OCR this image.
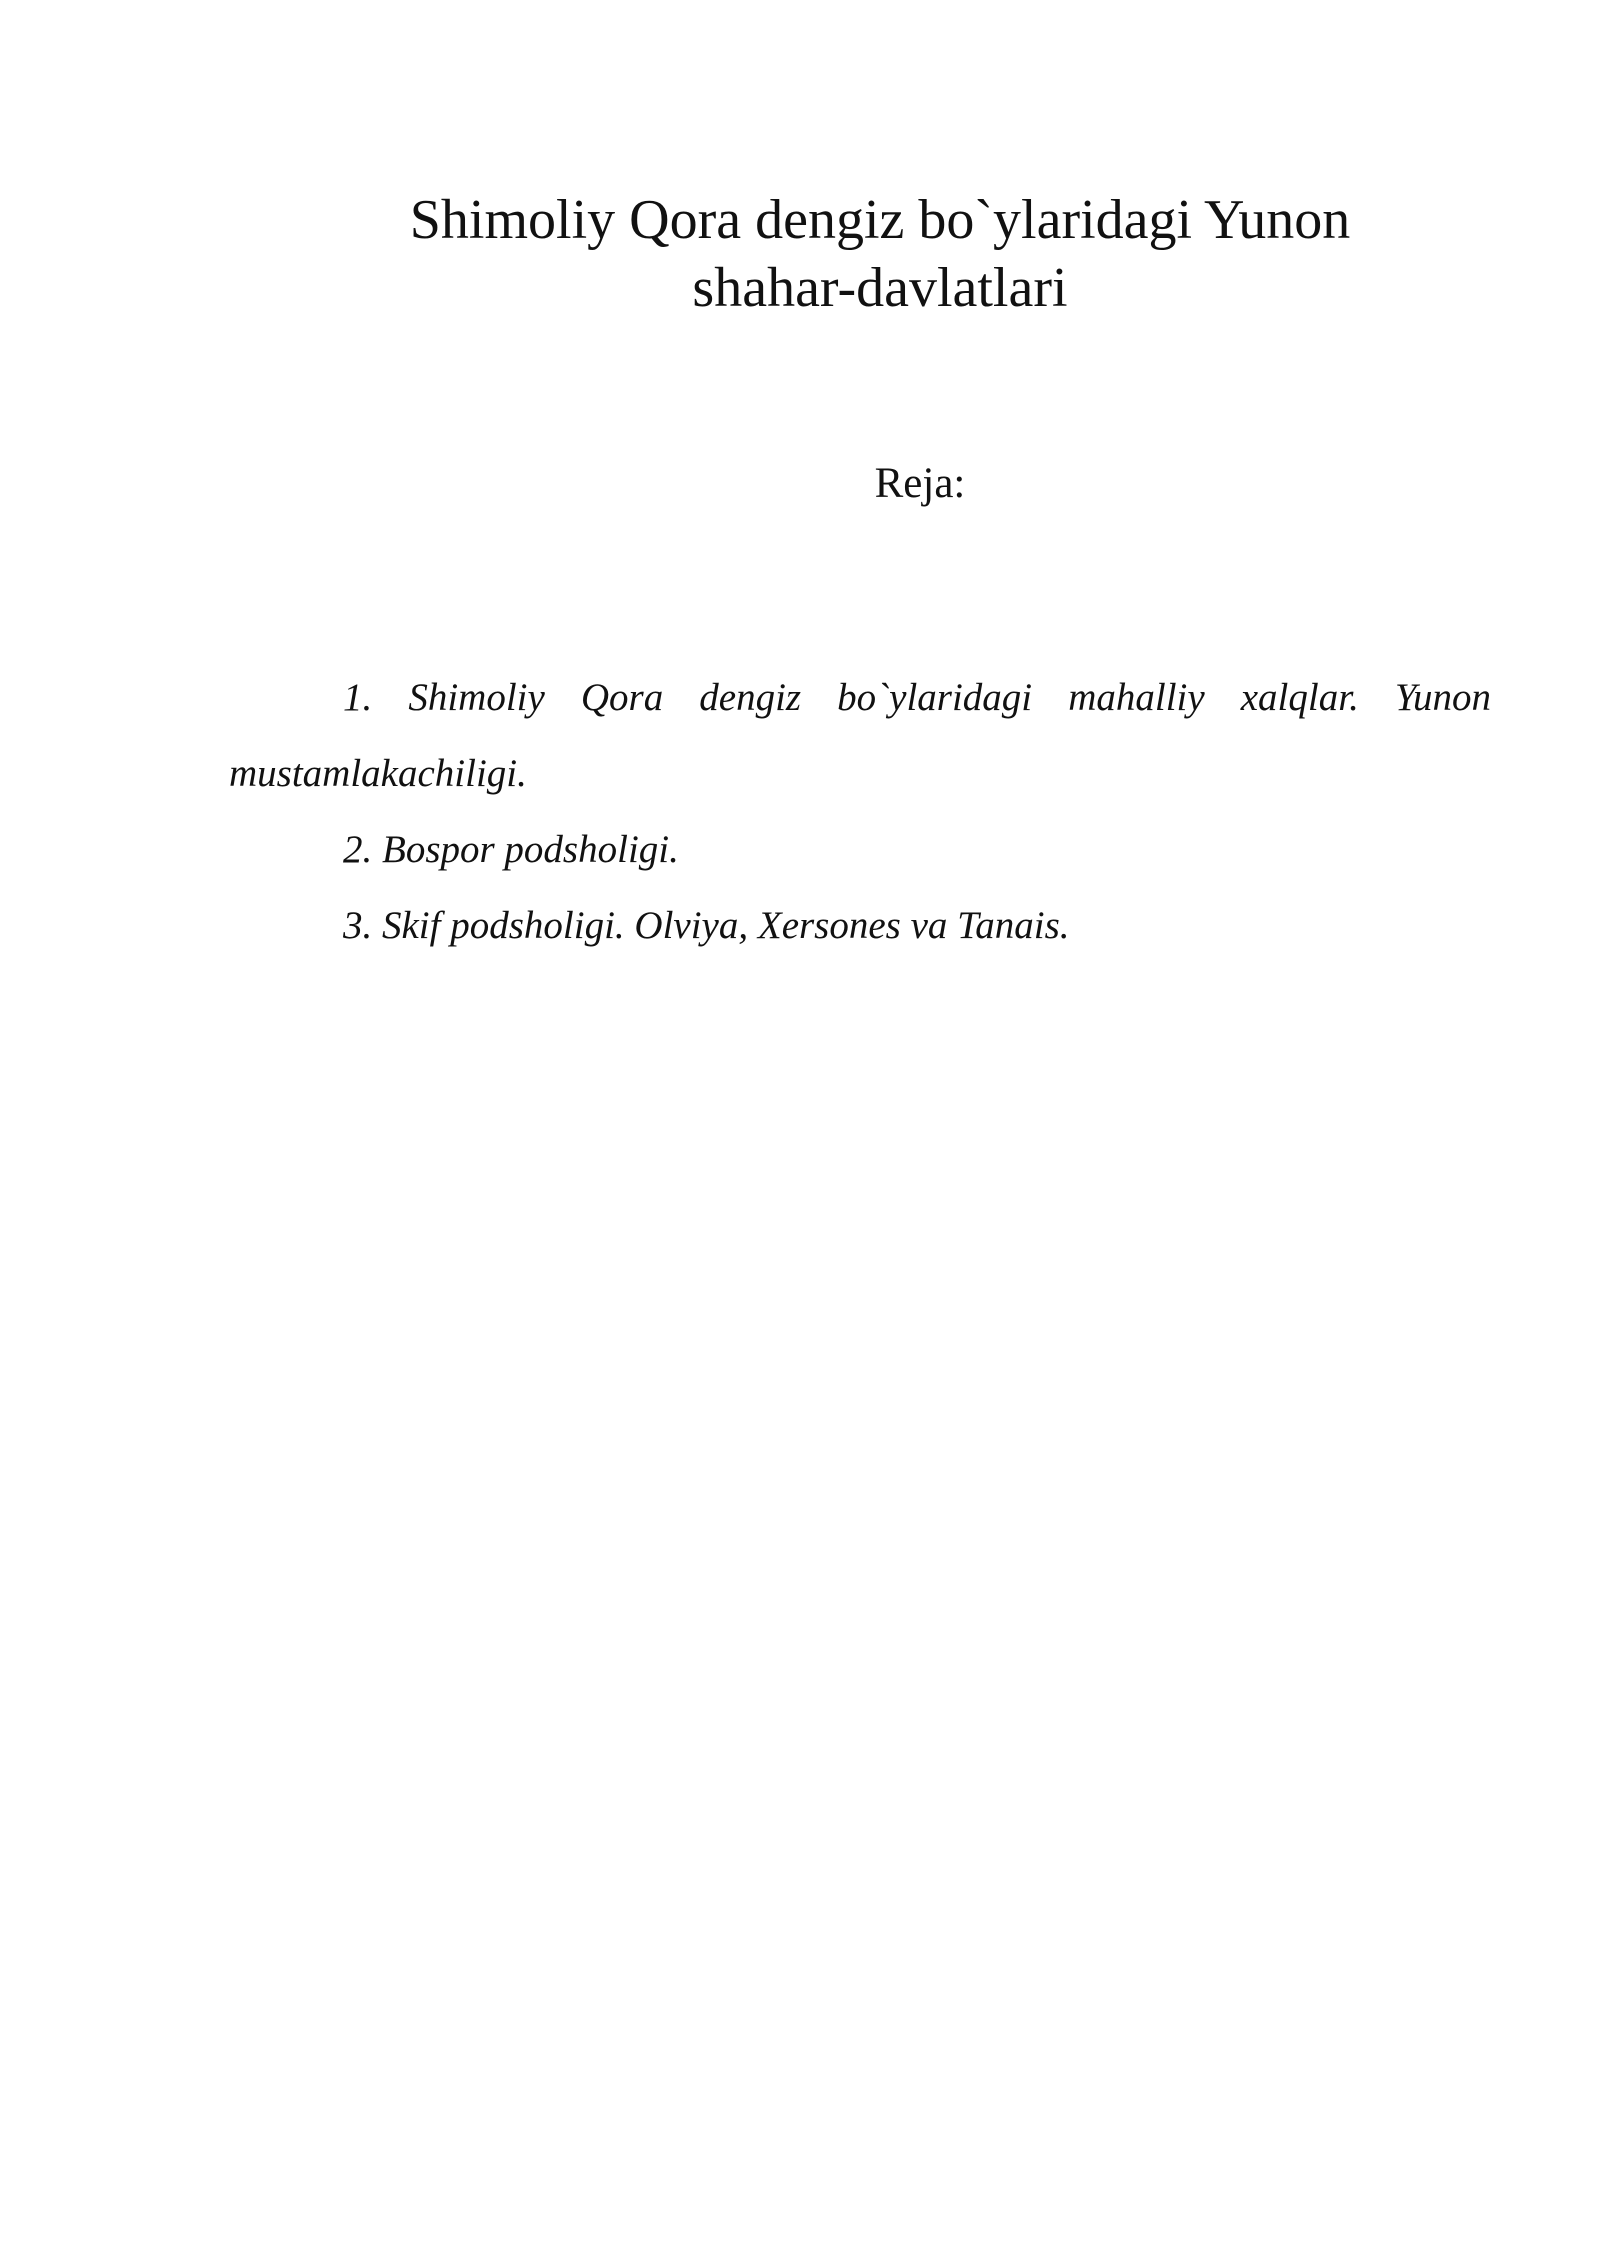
Shimoliy Qora dengiz bo`ylaridagi Yunon
shahar-davlatlari
Reja:
1. Shimoliy Qora dengiz bo`ylaridagi mahalliy xalqlar. Yunon
mustamlakachiligi.
2. Bospor podsholigi.
3. Skif podsholigi. Olviya, Xersones va Tanais.
